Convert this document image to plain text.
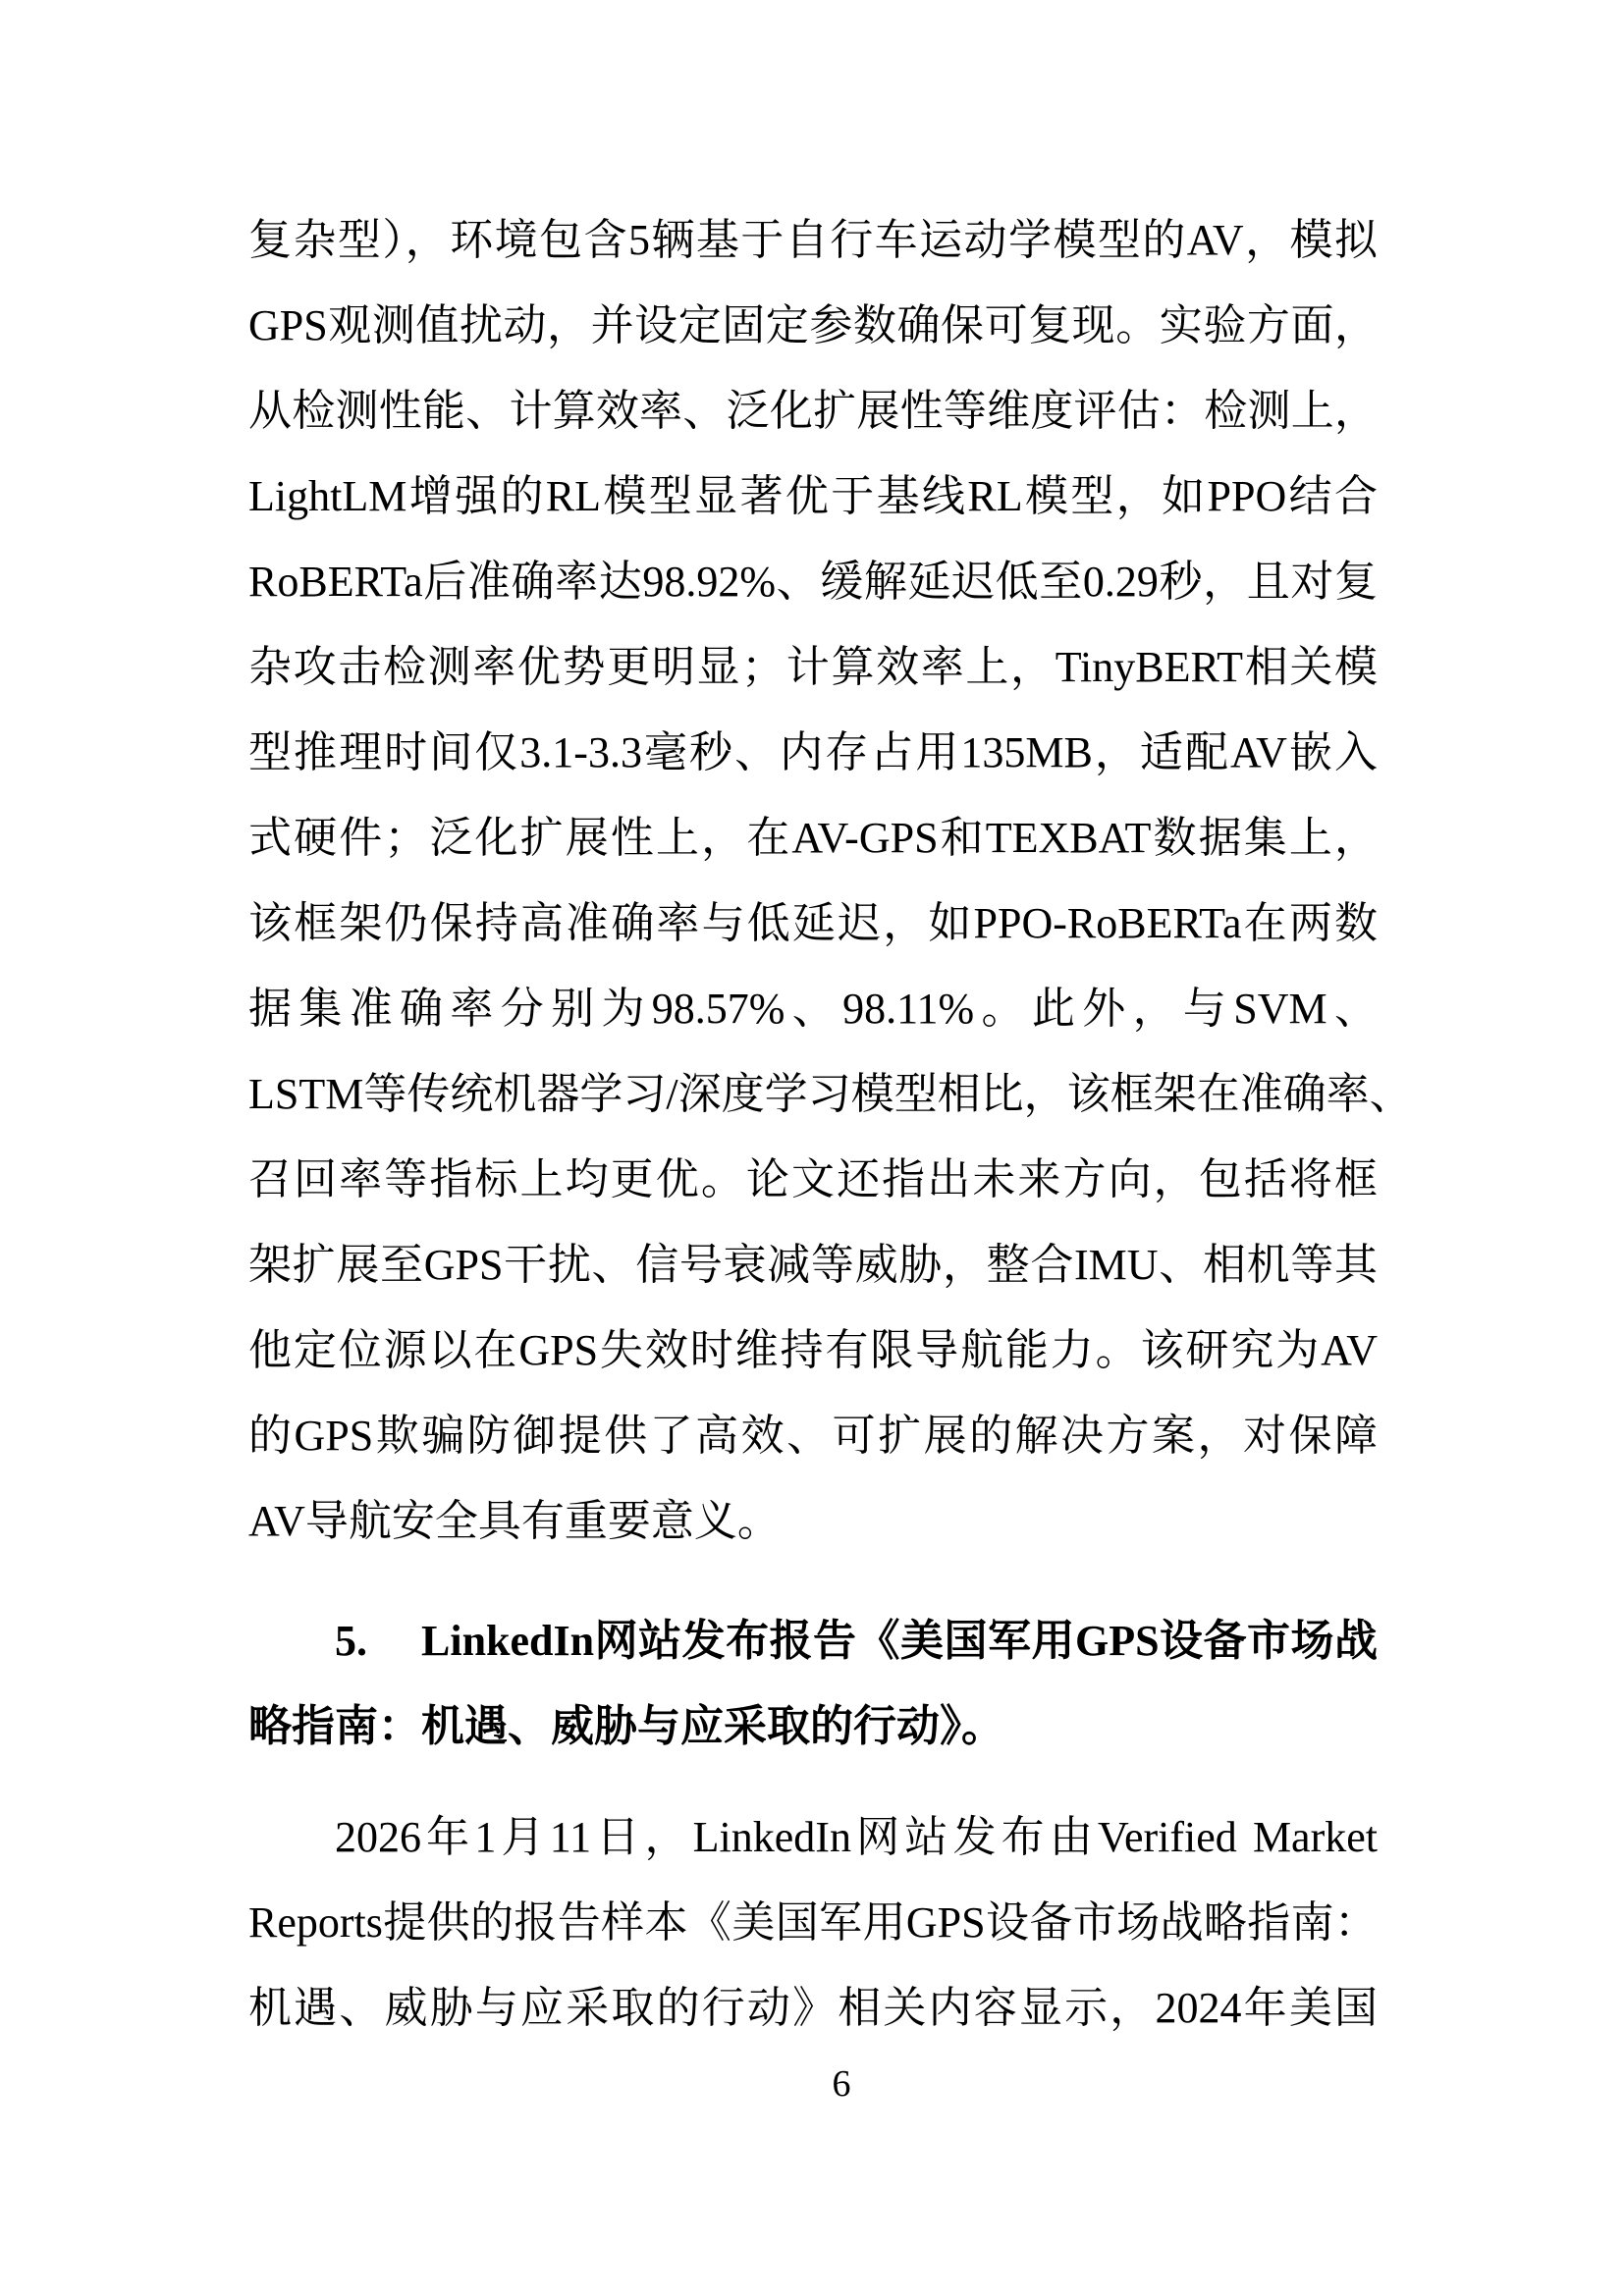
复杂型），环境包含5辆基于自行车运动学模型的AV，模拟
GPS观测值扰动，并设定固定参数确保可复现。实验方面，
从检测性能、计算效率、泛化扩展性等维度评估：检测上，
LightLM增强的RL模型显著优于基线RL模型，如PPO结合
RoBERTa后准确率达98.92%、缓解延迟低至0.29秒，且对复
杂攻击检测率优势更明显；计算效率上，TinyBERT相关模
型推理时间仅3.1-3.3毫秒、内存占用135MB，适配AV嵌入
式硬件；泛化扩展性上，在AV-GPS和TEXBAT数据集上，
该框架仍保持高准确率与低延迟，如PPO-RoBERTa在两数
据集准确率分别为98.57%、98.11%。此外，与SVM、
LSTM等传统机器学习/深度学习模型相比，该框架在准确率、
召回率等指标上均更优。论文还指出未来方向，包括将框
架扩展至GPS干扰、信号衰减等威胁，整合IMU、相机等其
他定位源以在GPS失效时维持有限导航能力。该研究为AV
的GPS欺骗防御提供了高效、可扩展的解决方案，对保障
AV导航安全具有重要意义。
5. LinkedIn网站发布报告《美国军用GPS设备市场战
略指南：机遇、威胁与应采取的行动》。
2026年1月11日，LinkedIn网站发布由Verified Market
Reports提供的报告样本《美国军用GPS设备市场战略指南：
机遇、威胁与应采取的行动》相关内容显示，2024年美国
6
